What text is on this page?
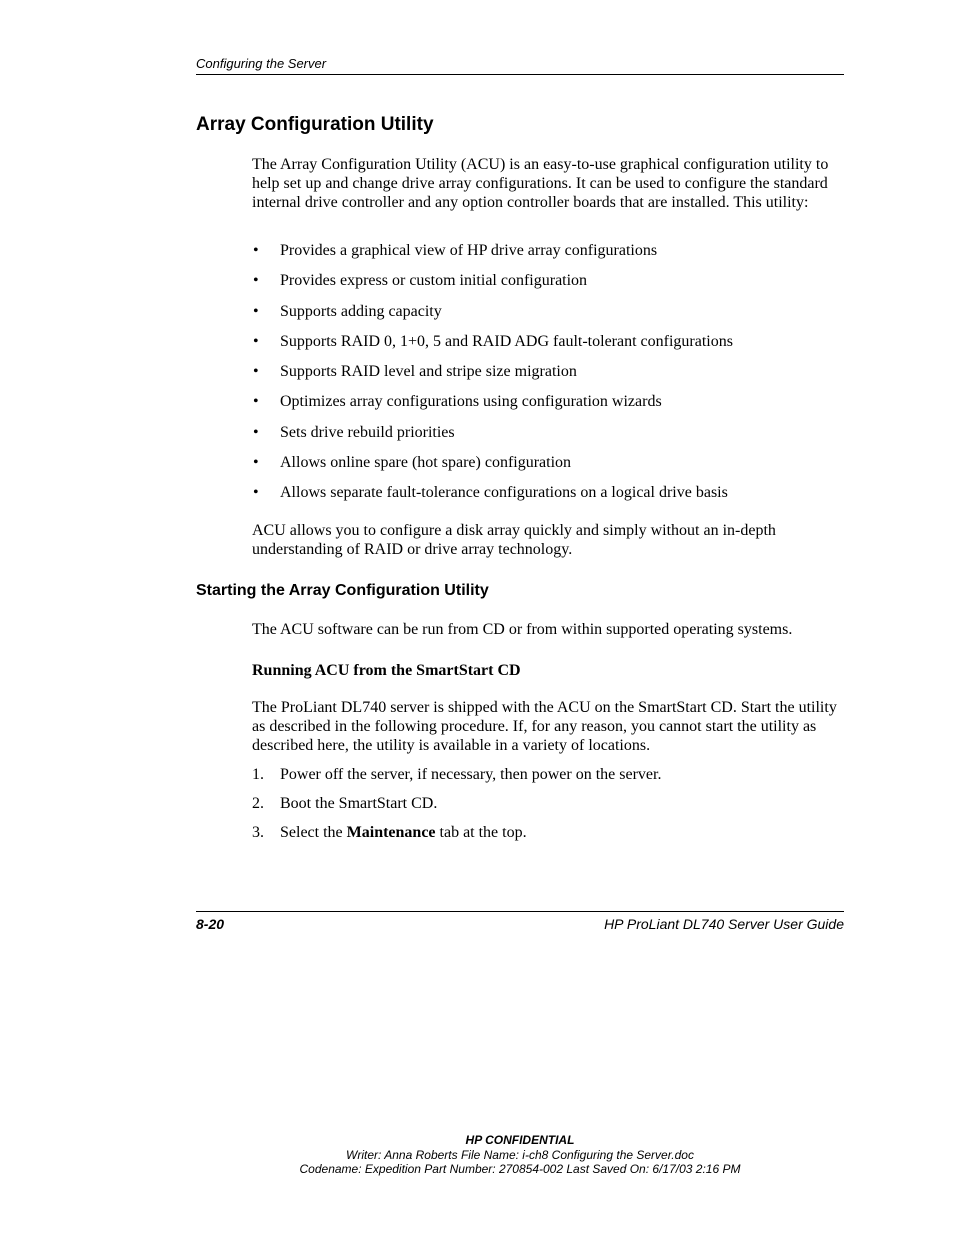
Configuring the Server
Array Configuration Utility

The Array Configuration Utility (ACU) is an easy-to-use graphical configuration utility to help set up and change drive array configurations. It can be used to configure the standard internal drive controller and any option controller boards that are installed. This utility:

• Provides a graphical view of HP drive array configurations
• Provides express or custom initial configuration
• Supports adding capacity
• Supports RAID 0, 1+0, 5 and RAID ADG fault-tolerant configurations
• Supports RAID level and stripe size migration
• Optimizes array configurations using configuration wizards
• Sets drive rebuild priorities
• Allows online spare (hot spare) configuration
• Allows separate fault-tolerance configurations on a logical drive basis

ACU allows you to configure a disk array quickly and simply without an in-depth understanding of RAID or drive array technology.

Starting the Array Configuration Utility

The ACU software can be run from CD or from within supported operating systems.

Running ACU from the SmartStart CD

The ProLiant DL740 server is shipped with the ACU on the SmartStart CD. Start the utility as described in the following procedure. If, for any reason, you cannot start the utility as described here, the utility is available in a variety of locations.

1. Power off the server, if necessary, then power on the server.
2. Boot the SmartStart CD.
3. Select the Maintenance tab at the top.
8-20	HP ProLiant DL740 Server User Guide
HP CONFIDENTIAL
Writer: Anna Roberts File Name: i-ch8 Configuring the Server.doc
Codename: Expedition Part Number: 270854-002 Last Saved On: 6/17/03 2:16 PM
